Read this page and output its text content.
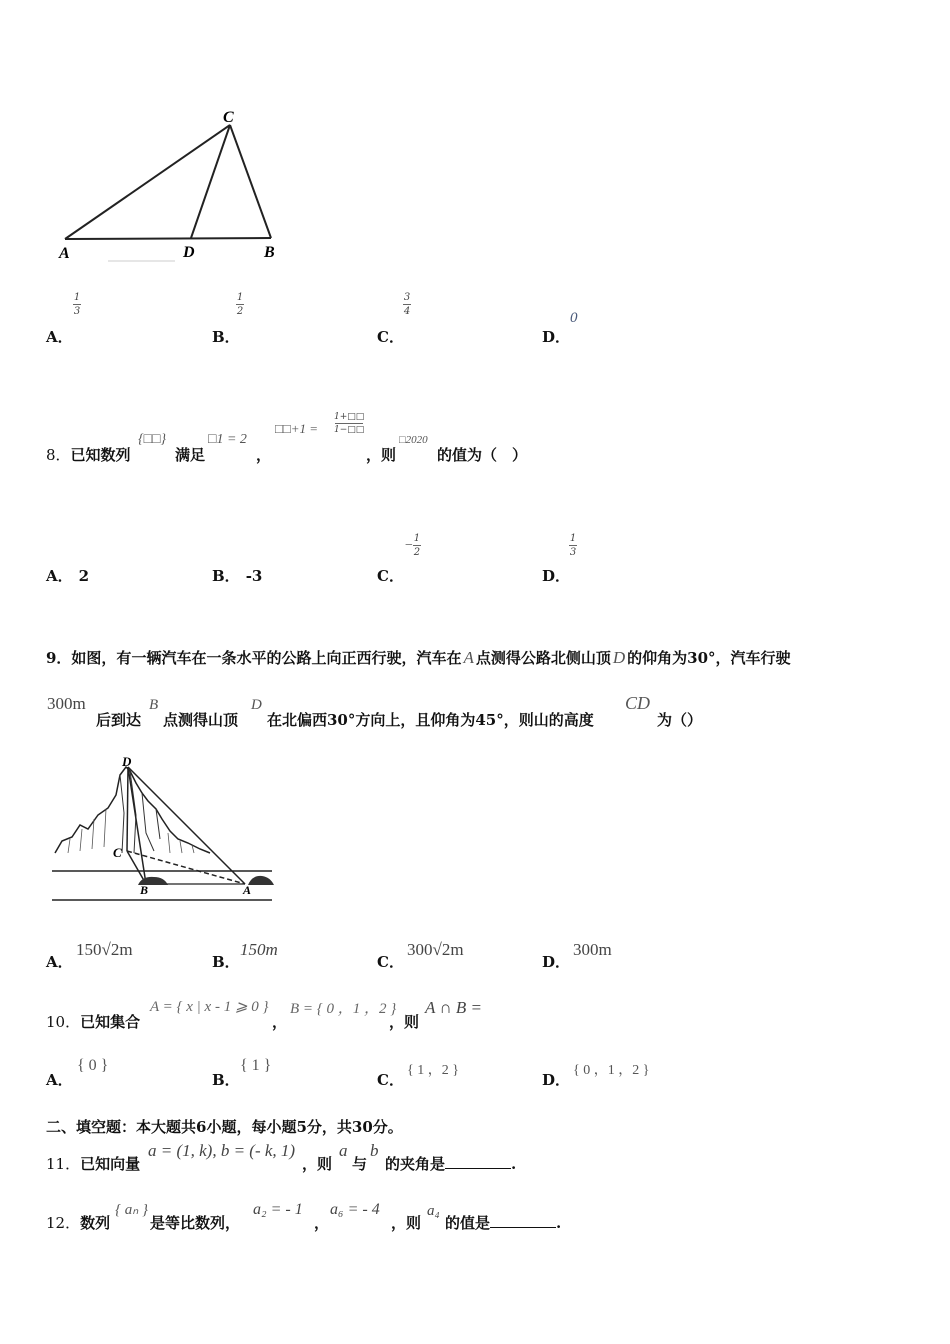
A	D	B
C
A．
1
3
B．
1
2
C．
3
4
D．
0
8．已知数列
{□□}
满足
□1 = 2
，
□□+1 =
1+□□
1−□□
，则
□2020
的值为（　）
A． 2	B． -3	C．
− $\frac{1}{2}$
D．
1
3
9．如图，有一辆汽车在一条水平的公路上向正西行驶，汽车在 A 点测得公路北侧山顶 D 的仰角为30°，汽车行驶
300m
后到达
B
点测得山顶
D
在北偏西30°方向上，且仰角为45°，则山的高度
CD
为（）
D
C
B	A
A．
150√2m
B．
150m
C．
300√2m
D．
300m
10．已知集合
A = { x | x - 1 ⩾ 0 }
，
B = { 0 ，1 ，2 }
，则
A ∩ B =
A．
{ 0 }
B．
{ 1 }
C．
{ 1 ，2 }
D．
{ 0 ，1 ，2 }
二、填空题：本大题共6小题，每小题5分，共30分。
11．已知向量
a = (1, k), b = (- k, 1)
，则
a
与
b
的夹角是	.
12．数列
{ aₙ }
是等比数列，
a₂ = - 1
，
a₆ = - 4
，则
a₄
的值是	.
